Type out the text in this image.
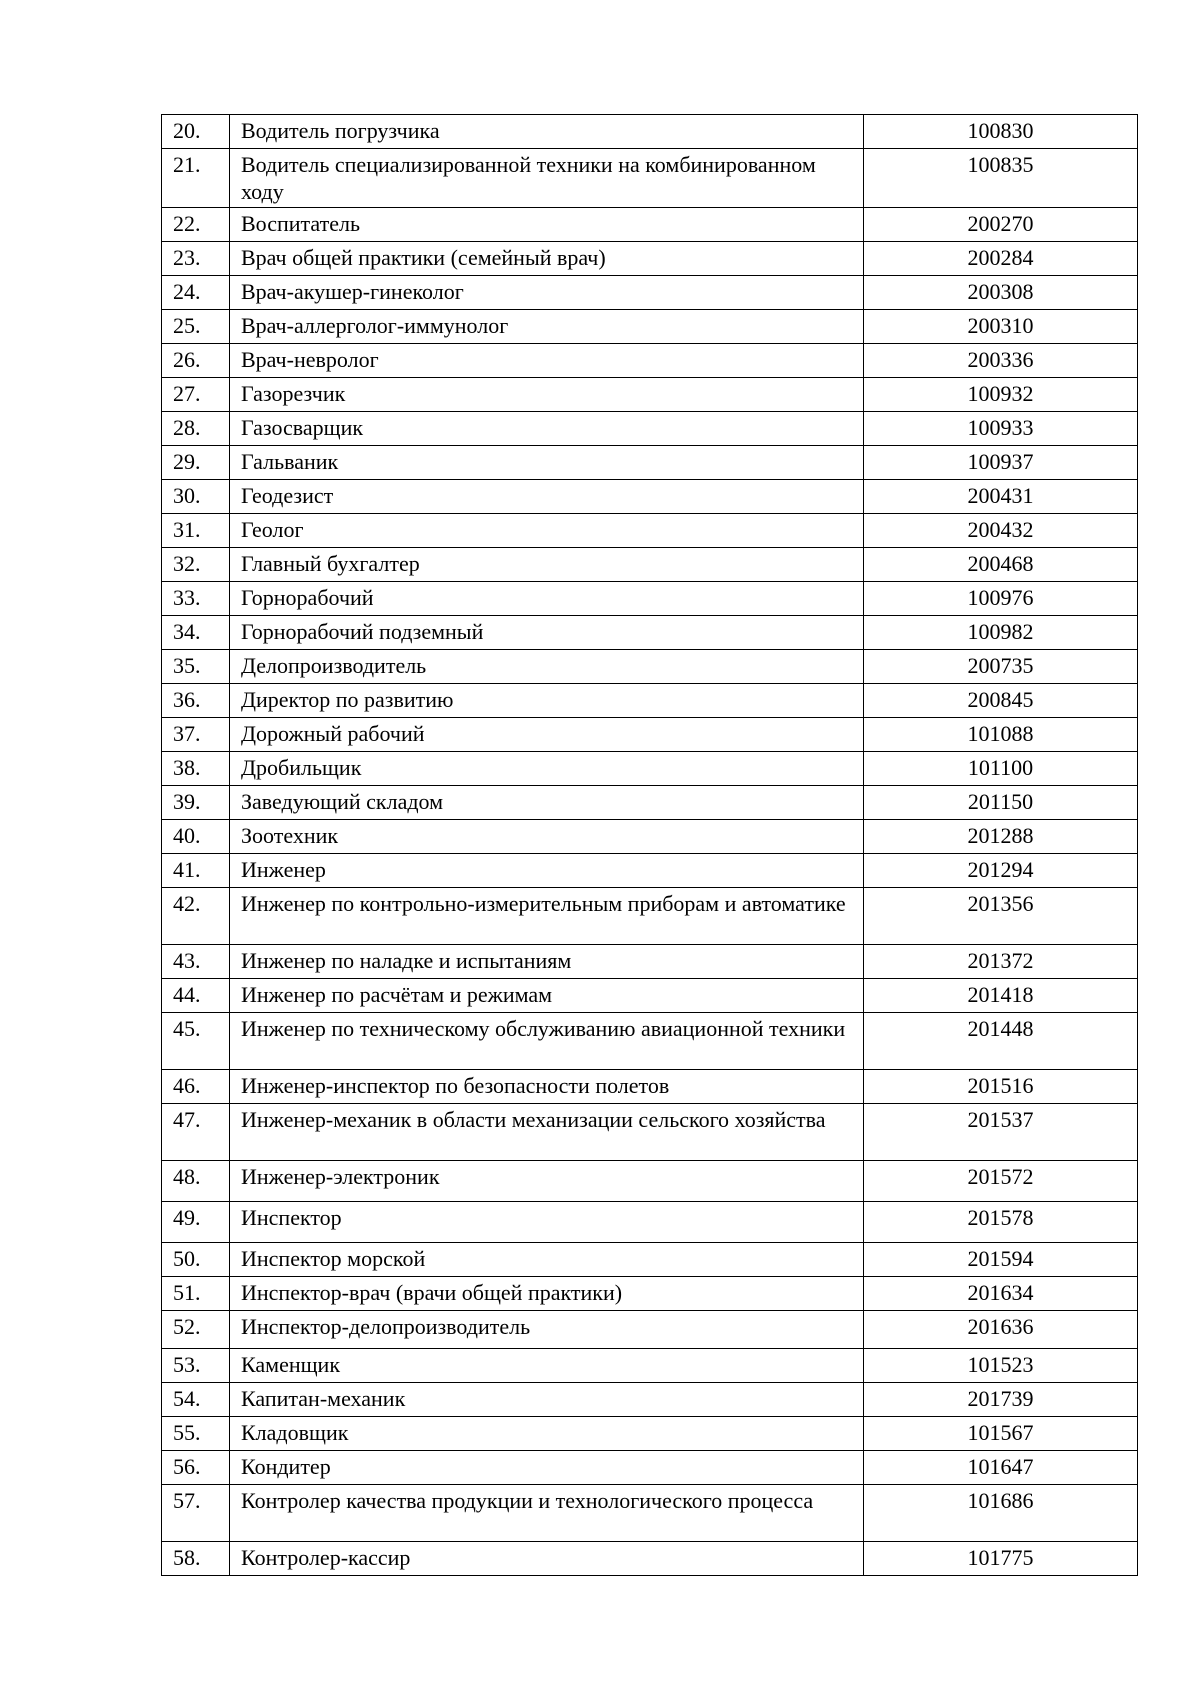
20.	Водитель погрузчика	100830
21.	Водитель специализированной техники на комбинированном ходу	100835
22.	Воспитатель	200270
23.	Врач общей практики (семейный врач)	200284
24.	Врач-акушер-гинеколог	200308
25.	Врач-аллерголог-иммунолог	200310
26.	Врач-невролог	200336
27.	Газорезчик	100932
28.	Газосварщик	100933
29.	Гальваник	100937
30.	Геодезист	200431
31.	Геолог	200432
32.	Главный бухгалтер	200468
33.	Горнорабочий	100976
34.	Горнорабочий подземный	100982
35.	Делопроизводитель	200735
36.	Директор по развитию	200845
37.	Дорожный рабочий	101088
38.	Дробильщик	101100
39.	Заведующий складом	201150
40.	Зоотехник	201288
41.	Инженер	201294
42.	Инженер по контрольно-измерительным приборам и автоматике	201356
43.	Инженер по наладке и испытаниям	201372
44.	Инженер по расчётам и режимам	201418
45.	Инженер по техническому обслуживанию авиационной техники	201448
46.	Инженер-инспектор по безопасности полетов	201516
47.	Инженер-механик в области механизации сельского хозяйства	201537
48.	Инженер-электроник	201572
49.	Инспектор	201578
50.	Инспектор морской	201594
51.	Инспектор-врач (врачи общей практики)	201634
52.	Инспектор-делопроизводитель	201636
53.	Каменщик	101523
54.	Капитан-механик	201739
55.	Кладовщик	101567
56.	Кондитер	101647
57.	Контролер качества продукции и технологического процесса	101686
58.	Контролер-кассир	101775
